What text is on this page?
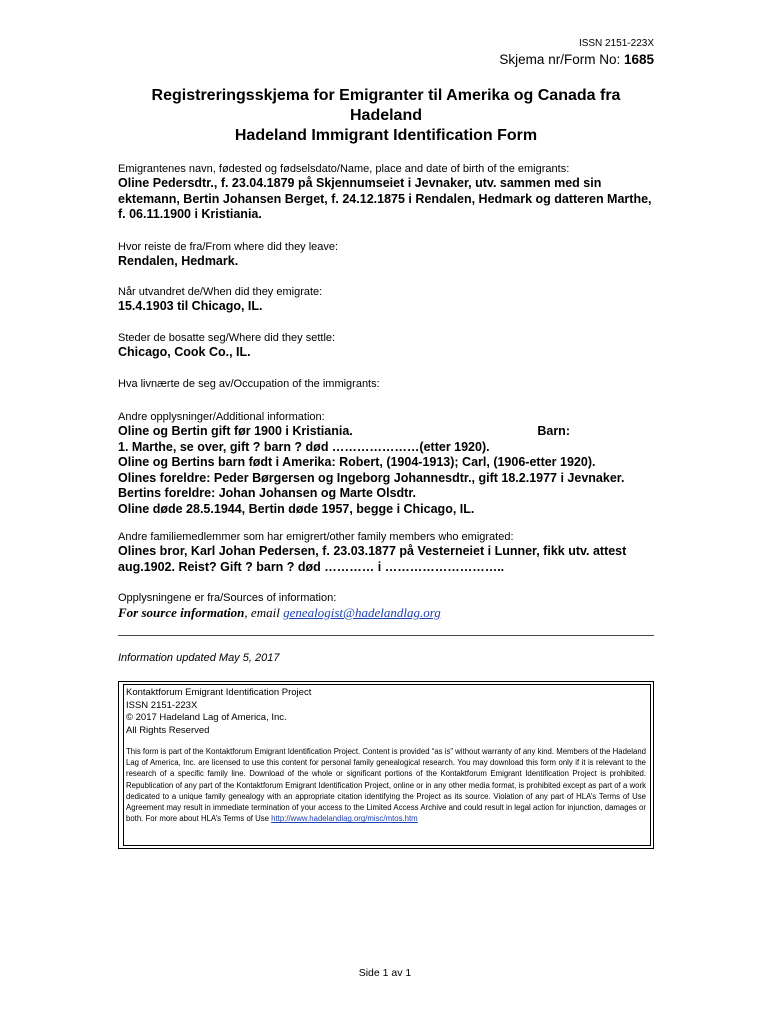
ISSN 2151-223X
Skjema nr/Form No: 1685
Registreringsskjema for Emigranter til Amerika og Canada fra
Hadeland
Hadeland Immigrant Identification Form
Emigrantenes navn, fødested og fødselsdato/Name, place and date of birth of the emigrants:
Oline Pedersdtr., f. 23.04.1879 på Skjennumseiet i Jevnaker, utv. sammen med sin ektemann, Bertin Johansen Berget, f. 24.12.1875 i Rendalen, Hedmark og datteren Marthe, f. 06.11.1900 i Kristiania.
Hvor reiste de fra/From where did they leave:
Rendalen, Hedmark.
Når utvandret de/When did they emigrate:
15.4.1903 til Chicago, IL.
Steder de bosatte seg/Where did they settle:
Chicago, Cook Co., IL.
Hva livnærte de seg av/Occupation of the immigrants:
Andre opplysninger/Additional information:
Oline og Bertin gift før 1900 i Kristiania.	Barn:
1. Marthe, se over, gift ? barn ? død …………………(etter 1920).
Oline og Bertins barn født i Amerika: Robert, (1904-1913); Carl, (1906-etter 1920).
Olines foreldre: Peder Børgersen og Ingeborg Johannesdtr., gift 18.2.1977 i Jevnaker.
Bertins foreldre: Johan Johansen og Marte Olsdtr.
Oline døde 28.5.1944, Bertin døde 1957, begge i Chicago, IL.
Andre familiemedlemmer som har emigrert/other family members who emigrated:
Olines bror, Karl Johan Pedersen, f. 23.03.1877 på Vesterneiet i Lunner, fikk utv. attest aug.1902. Reist? Gift ? barn ? død ………… i ………………………..
Opplysningene er fra/Sources of information:
For source information, email genealogist@hadelandlag.org
Information updated May 5, 2017
Kontaktforum Emigrant Identification Project
ISSN 2151-223X
© 2017 Hadeland Lag of America, Inc.
All Rights Reserved
This form is part of the Kontaktforum Emigrant Identification Project. Content is provided “as is” without warranty of any kind. Members of the Hadeland Lag of America, Inc. are licensed to use this content for personal family genealogical research. You may download this form only if it is relevant to the research of a specific family line. Download of the whole or significant portions of the Kontaktforum Emigrant Identification Project is prohibited. Republication of any part of the Kontaktforum Emigrant Identification Project, online or in any other media format, is prohibited except as part of a work dedicated to a unique family genealogy with an appropriate citation identifying the Project as its source. Violation of any part of HLA’s Terms of Use Agreement may result in immediate termination of your access to the Limited Access Archive and could result in legal action for injunction, damages or both. For more about HLA’s Terms of Use http://www.hadelandlag.org/misc/mtos.htm
Side 1 av 1
